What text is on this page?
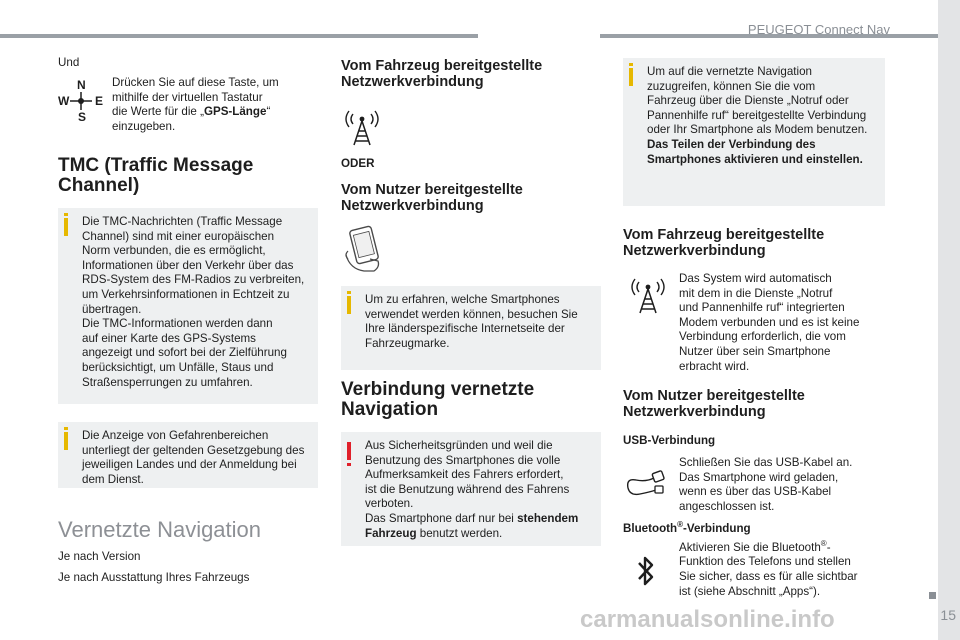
PEUGEOT Connect Nav
15

Und

N
W E
S

Drücken Sie auf diese Taste, um

mithilfe der virtuellen Tastatur

die Werte für die „GPS-Länge“

einzugeben.

TMC (Traffic Message

Channel)

Die TMC-Nachrichten (Traffic Message

Channel) sind mit einer europäischen

Norm verbunden, die es ermöglicht,

Informationen über den Verkehr über das

RDS-System des FM-Radios zu verbreiten,

um Verkehrsinformationen in Echtzeit zu

übertragen.

Die TMC-Informationen werden dann

auf einer Karte des GPS-Systems

angezeigt und sofort bei der Zielführung

berücksichtigt, um Unfälle, Staus und

Straßensperrungen zu umfahren.

Die Anzeige von Gefahrenbereichen

unterliegt der geltenden Gesetzgebung des

jeweiligen Landes und der Anmeldung bei

dem Dienst.

Vernetzte Navigation

Je nach Version

Je nach Ausstattung Ihres Fahrzeugs

Vom Fahrzeug bereitgestellte

Netzwerkverbindung

ODER

Vom Nutzer bereitgestellte

Netzwerkverbindung

Um zu erfahren, welche Smartphones

verwendet werden können, besuchen Sie

Ihre länderspezifische Internetseite der

Fahrzeugmarke.

Verbindung vernetzte

Navigation

Aus Sicherheitsgründen und weil die

Benutzung des Smartphones die volle

Aufmerksamkeit des Fahrers erfordert,

ist die Benutzung während des Fahrens

verboten.

Das Smartphone darf nur bei stehendem

Fahrzeug benutzt werden.

Um auf die vernetzte Navigation

zuzugreifen, können Sie die vom

Fahrzeug über die Dienste „Notruf oder

Pannenhilfe ruf“ bereitgestellte Verbindung

oder Ihr Smartphone als Modem benutzen.

Das Teilen der Verbindung des

Smartphones aktivieren und einstellen.

Vom Fahrzeug bereitgestellte

Netzwerkverbindung

Das System wird automatisch

mit dem in die Dienste „Notruf

und Pannenhilfe ruf“ integrierten

Modem verbunden und es ist keine

Verbindung erforderlich, die vom

Nutzer über sein Smartphone

erbracht wird.

Vom Nutzer bereitgestellte

Netzwerkverbindung

USB-Verbindung

Schließen Sie das USB-Kabel an.

Das Smartphone wird geladen,

wenn es über das USB-Kabel

angeschlossen ist.

Bluetooth®-Verbindung

Aktivieren Sie die Bluetooth®-

Funktion des Telefons und stellen

Sie sicher, dass es für alle sichtbar

ist (siehe Abschnitt „Apps“).

carmanualsonline.info
